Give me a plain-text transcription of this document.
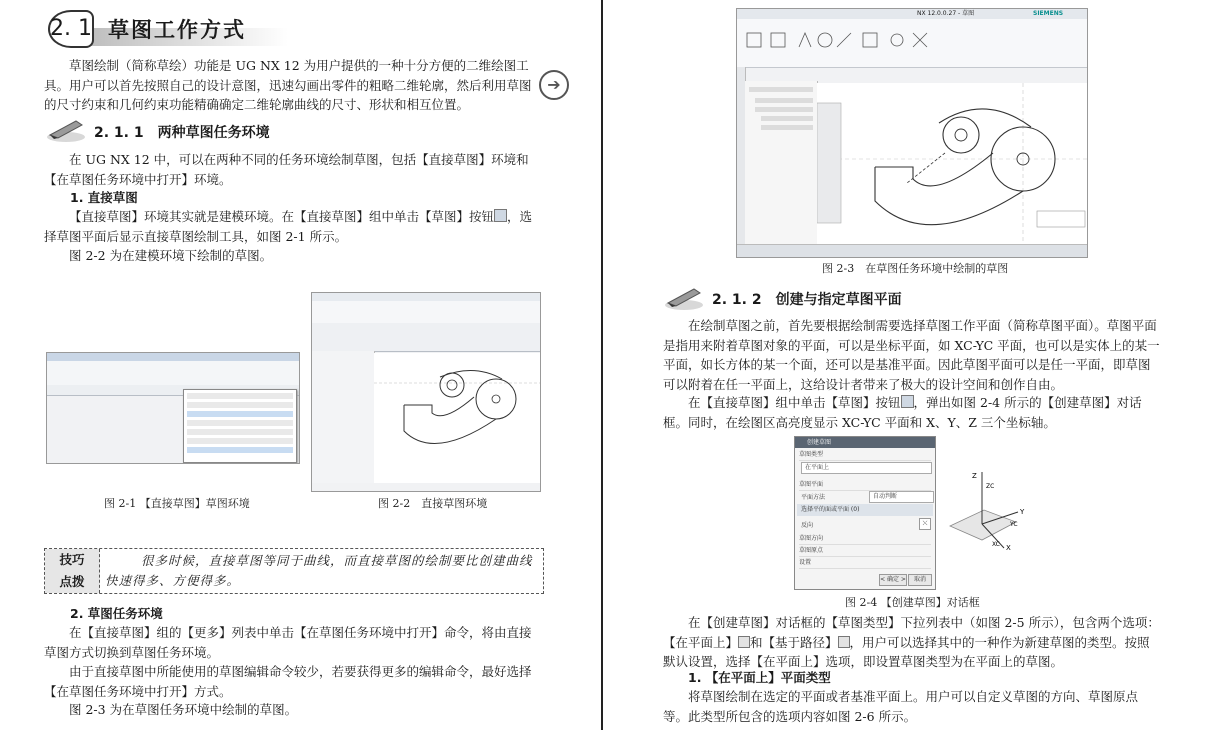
2. 1 草图工作方式

草图绘制（简称草绘）功能是 UG NX 12 为用户提供的一种十分方便的二维绘图工具。用户可以首先按照自己的设计意图，迅速勾画出零件的粗略二维轮廓，然后利用草图的尺寸约束和几何约束功能精确确定二维轮廓曲线的尺寸、形状和相互位置。

➔
2. 1. 1　两种草图任务环境

在 UG NX 12 中，可以在两种不同的任务环境绘制草图，包括【直接草图】环境和【在草图任务环境中打开】环境。

1. 直接草图

【直接草图】环境其实就是建模环境。在【直接草图】组中单击【草图】按钮 ，选择草图平面后显示直接草图绘制工具，如图 2-1 所示。

图 2-2 为在建模环境下绘制的草图。

图 2-1 【直接草图】草图环境	图 2-2　直接草图环境
技巧
点拨
很多时候，直接草图等同于曲线，而直接草图的绘制要比创建曲线快速得多、方便得多。

2. 草图任务环境

在【直接草图】组的【更多】列表中单击【在草图任务环境中打开】命令，将由直接草图方式切换到草图任务环境。

由于直接草图中所能使用的草图编辑命令较少，若要获得更多的编辑命令，最好选择【在草图任务环境中打开】方式。

图 2-3 为在草图任务环境中绘制的草图。

NX 12.0.0.27 - 草图	SIEMENS
图 2-3　在草图任务环境中绘制的草图
2. 1. 2　创建与指定草图平面

在绘制草图之前，首先要根据绘制需要选择草图工作平面（简称草图平面）。草图平面是指用来附着草图对象的平面，可以是坐标平面，如 XC-YC 平面，也可以是实体上的某一平面，如长方体的某一个面，还可以是基准平面。因此草图平面可以是任一平面，即草图可以附着在任一平面上，这给设计者带来了极大的设计空间和创作自由。

在【直接草图】组中单击【草图】按钮 ，弹出如图 2-4 所示的【创建草图】对话框。同时，在绘图区高亮度显示 XC-YC 平面和 X、Y、Z 三个坐标轴。

创建草图
草图类型
在平面上
草图平面
平面方法	自动判断
选择平的面或平面 (0)
反向	⤬
草图方向
草图原点
设置
< 确定 >	取消
Z
ZC
Y
YC
X
XC
图 2-4 【创建草图】对话框

在【创建草图】对话框的【草图类型】下拉列表中（如图 2-5 所示），包含两个选项：【在平面上】 和【基于路径】 ，用户可以选择其中的一种作为新建草图的类型。按照默认设置，选择【在平面上】选项，即设置草图类型为在平面上的草图。

1. 【在平面上】平面类型

将草图绘制在选定的平面或者基准平面上。用户可以自定义草图的方向、草图原点等。此类型所包含的选项内容如图 2-6 所示。
